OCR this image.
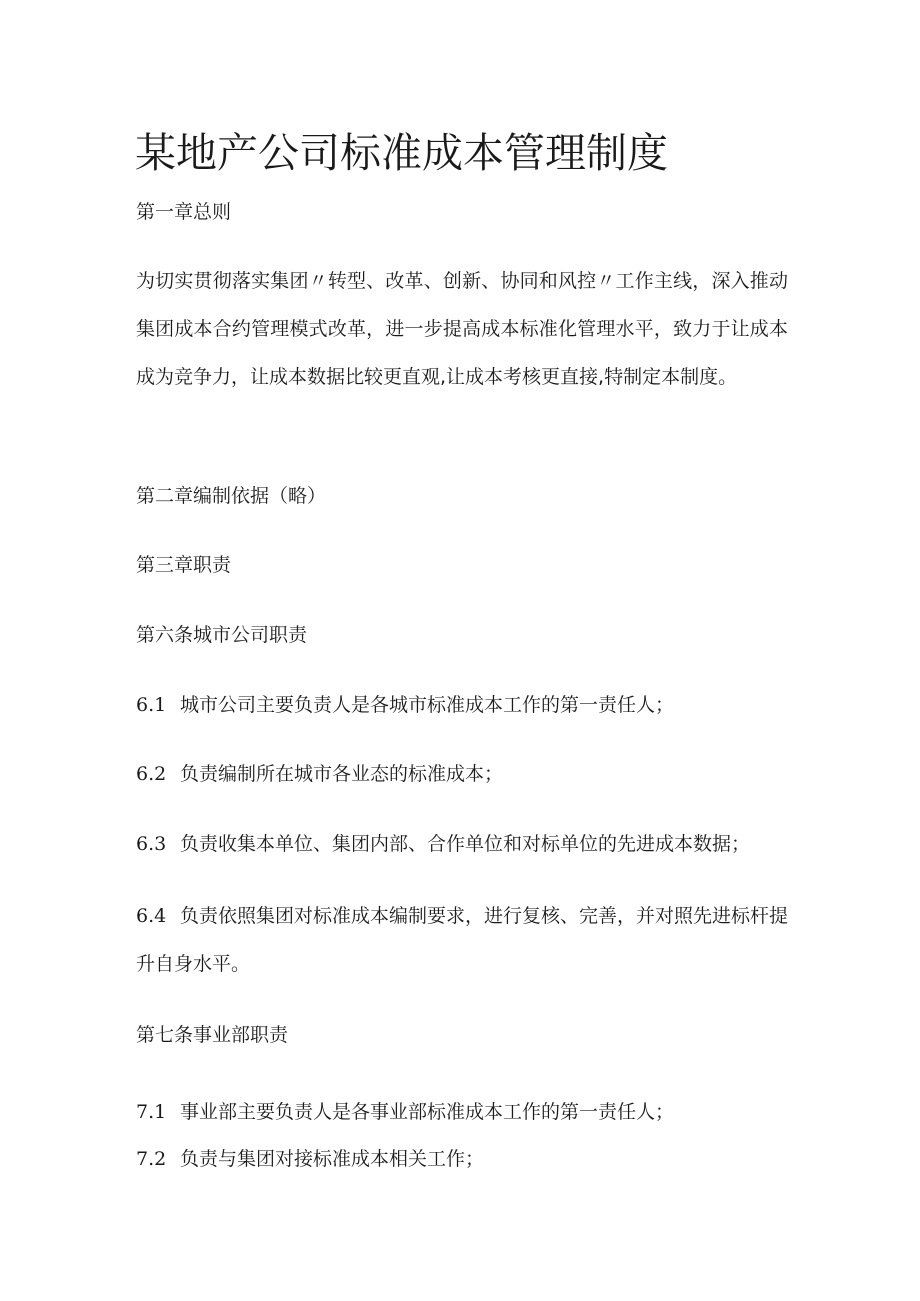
某地产公司标准成本管理制度

第一章总则

为切实贯彻落实集团〃转型、改革、创新、协同和风控〃工作主线，深入推动集团成本合约管理模式改革，进一步提高成本标准化管理水平，致力于让成本成为竞争力，让成本数据比较更直观,让成本考核更直接,特制定本制度。

第二章编制依据（略）

第三章职责

第六条城市公司职责

6.1 城市公司主要负责人是各城市标准成本工作的第一责任人；

6.2 负责编制所在城市各业态的标准成本；

6.3 负责收集本单位、集团内部、合作单位和对标单位的先进成本数据；

6.4 负责依照集团对标准成本编制要求，进行复核、完善，并对照先进标杆提升自身水平。

第七条事业部职责

7.1 事业部主要负责人是各事业部标准成本工作的第一责任人；

7.2 负责与集团对接标准成本相关工作；
